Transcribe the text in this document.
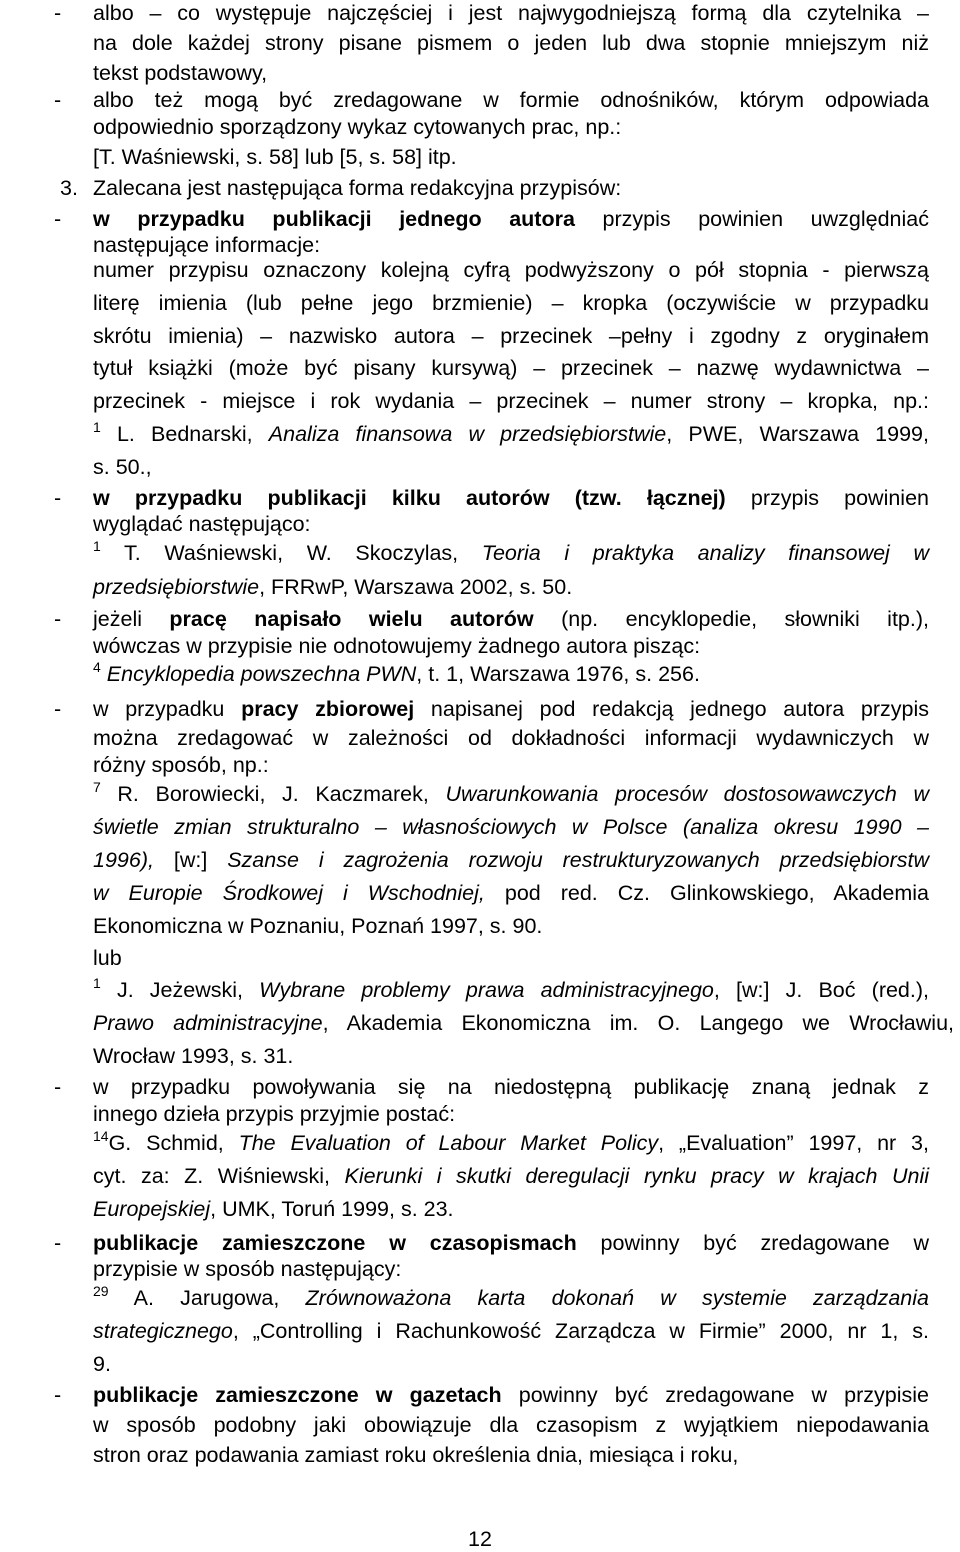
- albo – co występuje najczęściej i jest najwygodniejszą formą dla czytelnika –
na dole każdej strony pisane pismem o jeden lub dwa stopnie mniejszym niż
tekst podstawowy,
- albo też mogą być zredagowane w formie odnośników, którym odpowiada
odpowiednio sporządzony wykaz cytowanych prac, np.:
[T. Waśniewski, s. 58] lub [5, s. 58] itp.
3. Zalecana jest następująca forma redakcyjna przypisów:
- w przypadku publikacji jednego autora przypis powinien uwzględniać
następujące informacje:
numer przypisu oznaczony kolejną cyfrą podwyższony o pół stopnia - pierwszą
literę imienia (lub pełne jego brzmienie) – kropka (oczywiście w przypadku
skrótu imienia) – nazwisko autora – przecinek –pełny i zgodny z oryginałem
tytuł książki (może być pisany kursywą) – przecinek – nazwę wydawnictwa –
przecinek - miejsce i rok wydania – przecinek – numer strony – kropka, np.:
$^1$ L. Bednarski, Analiza finansowa w przedsiębiorstwie, PWE, Warszawa 1999,
s. 50.,
- w przypadku publikacji kilku autorów (tzw. łącznej) przypis powinien
wyglądać następująco:
$^1$ T. Waśniewski, W. Skoczylas, Teoria i praktyka analizy finansowej w
przedsiębiorstwie, FRRwP, Warszawa 2002, s. 50.
- jeżeli pracę napisało wielu autorów (np. encyklopedie, słowniki itp.),
wówczas w przypisie nie odnotowujemy żadnego autora pisząc:
$^4$ Encyklopedia powszechna PWN, t. 1, Warszawa 1976, s. 256.
- w przypadku pracy zbiorowej napisanej pod redakcją jednego autora przypis
można zredagować w zależności od dokładności informacji wydawniczych w
różny sposób, np.:
$^7$ R. Borowiecki, J. Kaczmarek, Uwarunkowania procesów dostosowawczych w
świetle zmian strukturalno – własnościowych w Polsce (analiza okresu 1990 –
1996), [w:] Szanse i zagrożenia rozwoju restrukturyzowanych przedsiębiorstw
w Europie Środkowej i Wschodniej, pod red. Cz. Glinkowskiego, Akademia
Ekonomiczna w Poznaniu, Poznań 1997, s. 90.
lub
$^1$ J. Jeżewski, Wybrane problemy prawa administracyjnego, [w:] J. Boć (red.),
Prawo administracyjne, Akademia Ekonomiczna im. O. Langego we Wrocławiu,
Wrocław 1993, s. 31.
- w przypadku powoływania się na niedostępną publikację znaną jednak z
innego dzieła przypis przyjmie postać:
$^{14}$G. Schmid, The Evaluation of Labour Market Policy, „Evaluation” 1997, nr 3,
cyt. za: Z. Wiśniewski, Kierunki i skutki deregulacji rynku pracy w krajach Unii
Europejskiej, UMK, Toruń 1999, s. 23.
- publikacje zamieszczone w czasopismach powinny być zredagowane w
przypisie w sposób następujący:
$^{29}$ A. Jarugowa, Zrównoważona karta dokonań w systemie zarządzania
strategicznego, „Controlling i Rachunkowość Zarządcza w Firmie” 2000, nr 1, s.
9.
- publikacje zamieszczone w gazetach powinny być zredagowane w przypisie
w sposób podobny jaki obowiązuje dla czasopism z wyjątkiem niepodawania
stron oraz podawania zamiast roku określenia dnia, miesiąca i roku,
12
